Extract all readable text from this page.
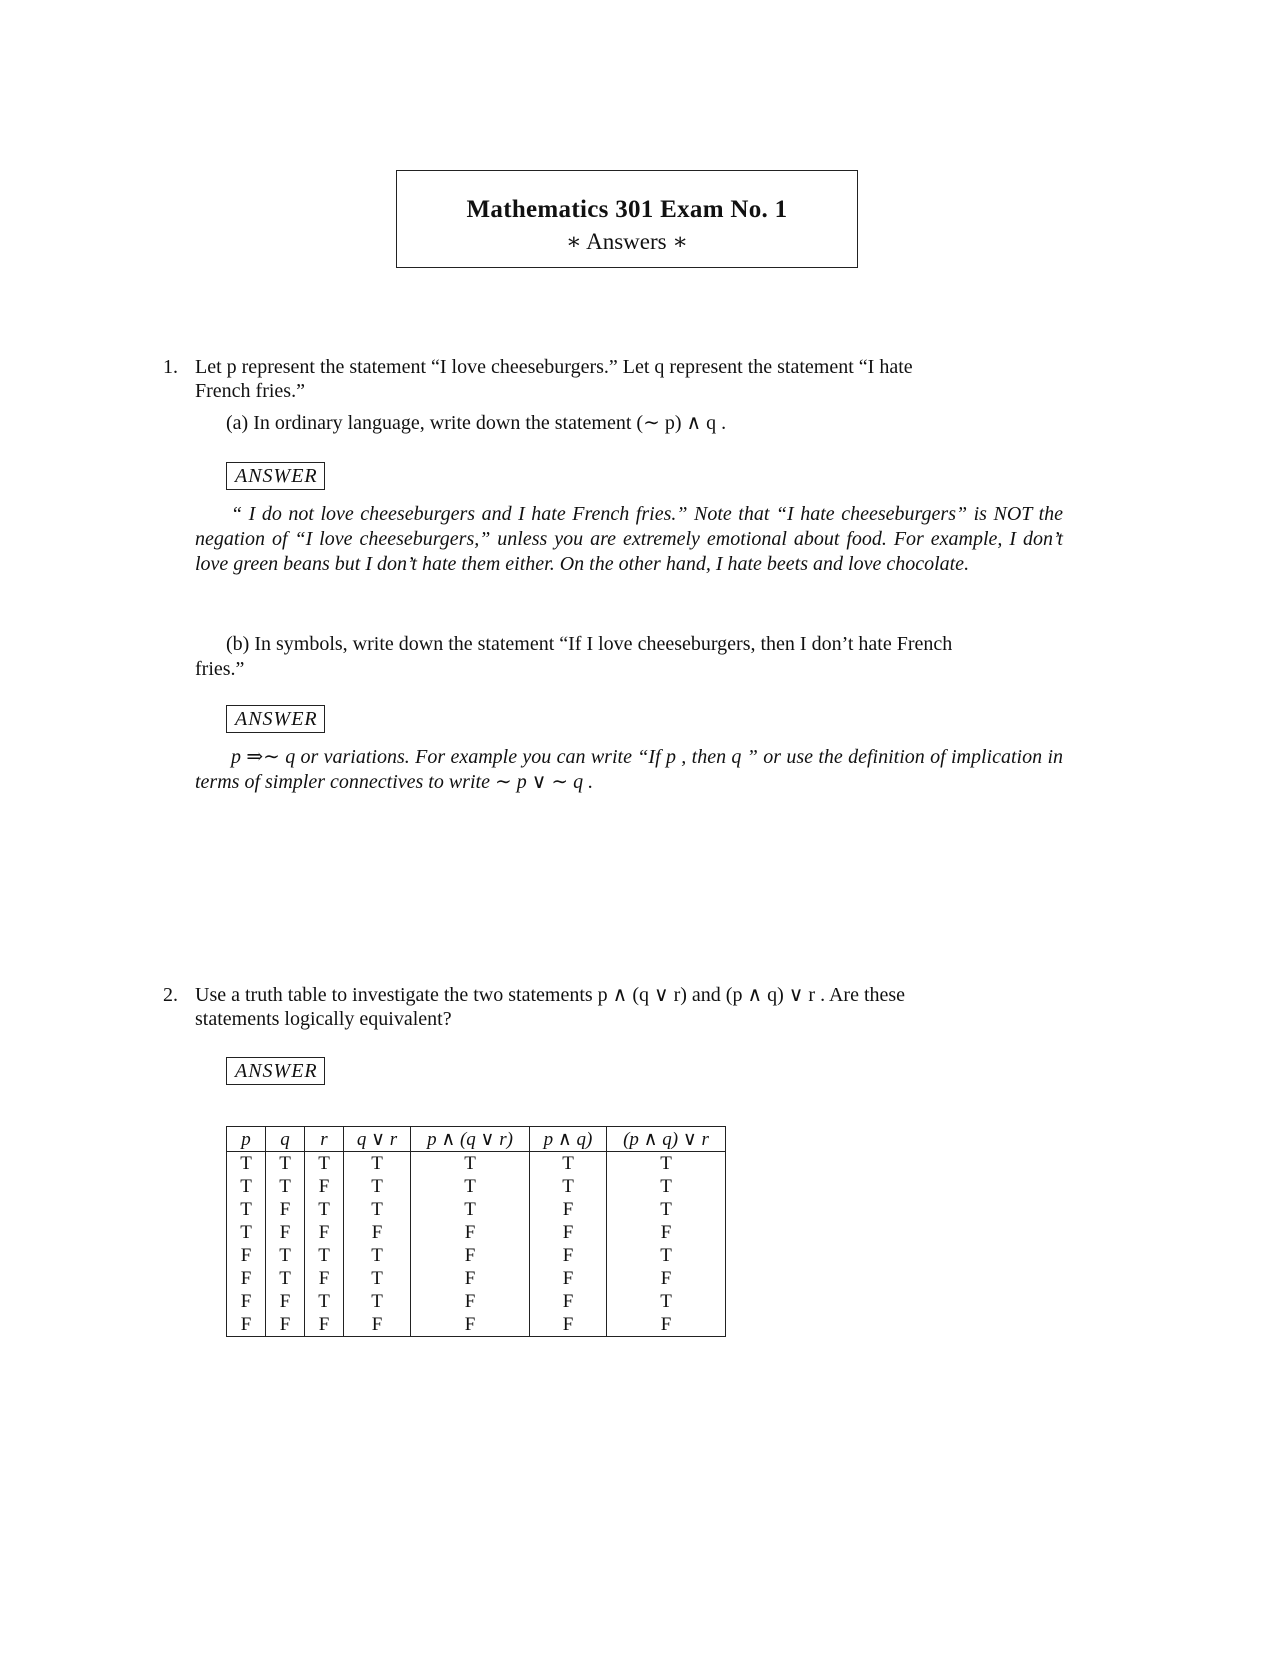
Mathematics 301 Exam No. 1
∗ Answers ∗
1. Let p represent the statement “I love cheeseburgers.” Let q represent the statement “I hate
French fries.”
(a) In ordinary language, write down the statement (∼ p) ∧ q .
ANSWER
“ I do not love cheeseburgers and I hate French fries.” Note that “I hate cheeseburgers” is NOT the negation of “I love cheeseburgers,” unless you are extremely emotional about food. For example, I don’t love green beans but I don’t hate them either. On the other hand, I hate beets and love chocolate.
(b) In symbols, write down the statement “If I love cheeseburgers, then I don’t hate French
fries.”
ANSWER
p ⇒∼ q or variations. For example you can write “If p , then q ” or use the definition of implication in terms of simpler connectives to write ∼ p ∨ ∼ q .
2. Use a truth table to investigate the two statements p ∧ (q ∨ r) and (p ∧ q) ∨ r . Are these
statements logically equivalent?
ANSWER
p	q	r	q ∨ r	p ∧ (q ∨ r)	p ∧ q)	(p ∧ q) ∨ r
T	T	T	T	T	T	T
T	T	F	T	T	T	T
T	F	T	T	T	F	T
T	F	F	F	F	F	F
F	T	T	T	F	F	T
F	T	F	T	F	F	F
F	F	T	T	F	F	T
F	F	F	F	F	F	F
